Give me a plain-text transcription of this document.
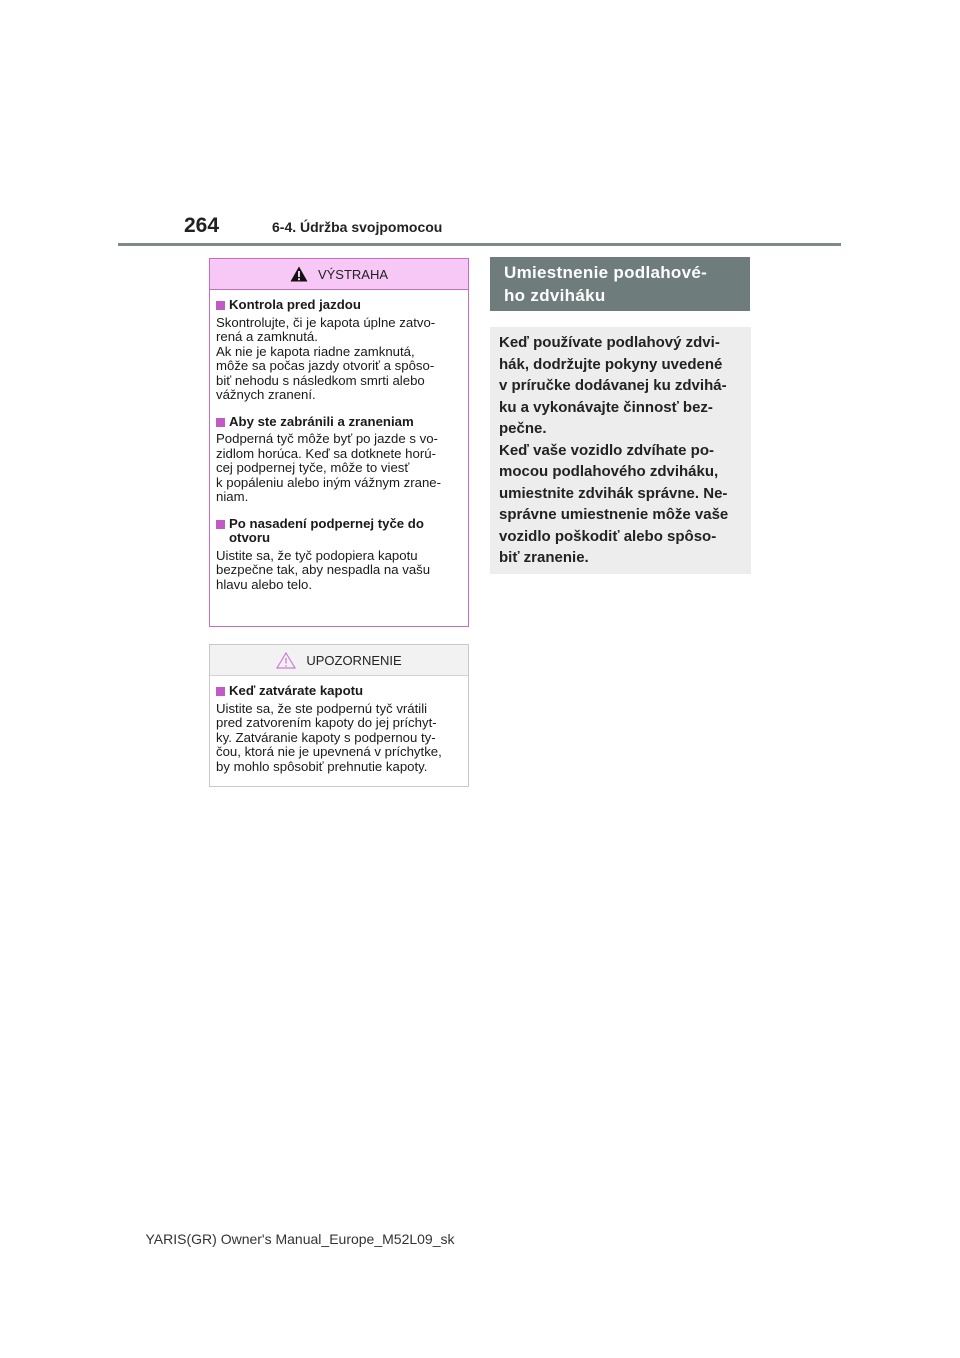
264	6-4. Údržba svojpomocou
VÝSTRAHA
Kontrola pred jazdou

Skontrolujte, či je kapota úplne zatvo-
rená a zamknutá.
Ak nie je kapota riadne zamknutá,
môže sa počas jazdy otvoriť a spôso-
biť nehodu s následkom smrti alebo
vážnych zranení.

Aby ste zabránili a zraneniam

Podperná tyč môže byť po jazde s vo-
zidlom horúca. Keď sa dotknete horú-
cej podpernej tyče, môže to viesť
k popáleniu alebo iným vážnym zrane-
niam.

Po nasadení podpernej tyče do
otvoru

Uistite sa, že tyč podopiera kapotu
bezpečne tak, aby nespadla na vašu
hlavu alebo telo.

UPOZORNENIE
Keď zatvárate kapotu

Uistite sa, že ste podpernú tyč vrátili
pred zatvorením kapoty do jej príchyt-
ky. Zatváranie kapoty s podpernou ty-
čou, ktorá nie je upevnená v príchytke,
by mohlo spôsobiť prehnutie kapoty.

Umiestnenie podlahové-
ho zdviháku

Keď používate podlahový zdvi-
hák, dodržujte pokyny uvedené
v príručke dodávanej ku zdvihá-
ku a vykonávajte činnosť bez-
pečne.
Keď vaše vozidlo zdvíhate po-
mocou podlahového zdviháku,
umiestnite zdvihák správne. Ne-
správne umiestnenie môže vaše
vozidlo poškodiť alebo spôso-
biť zranenie.

YARIS(GR) Owner's Manual_Europe_M52L09_sk
